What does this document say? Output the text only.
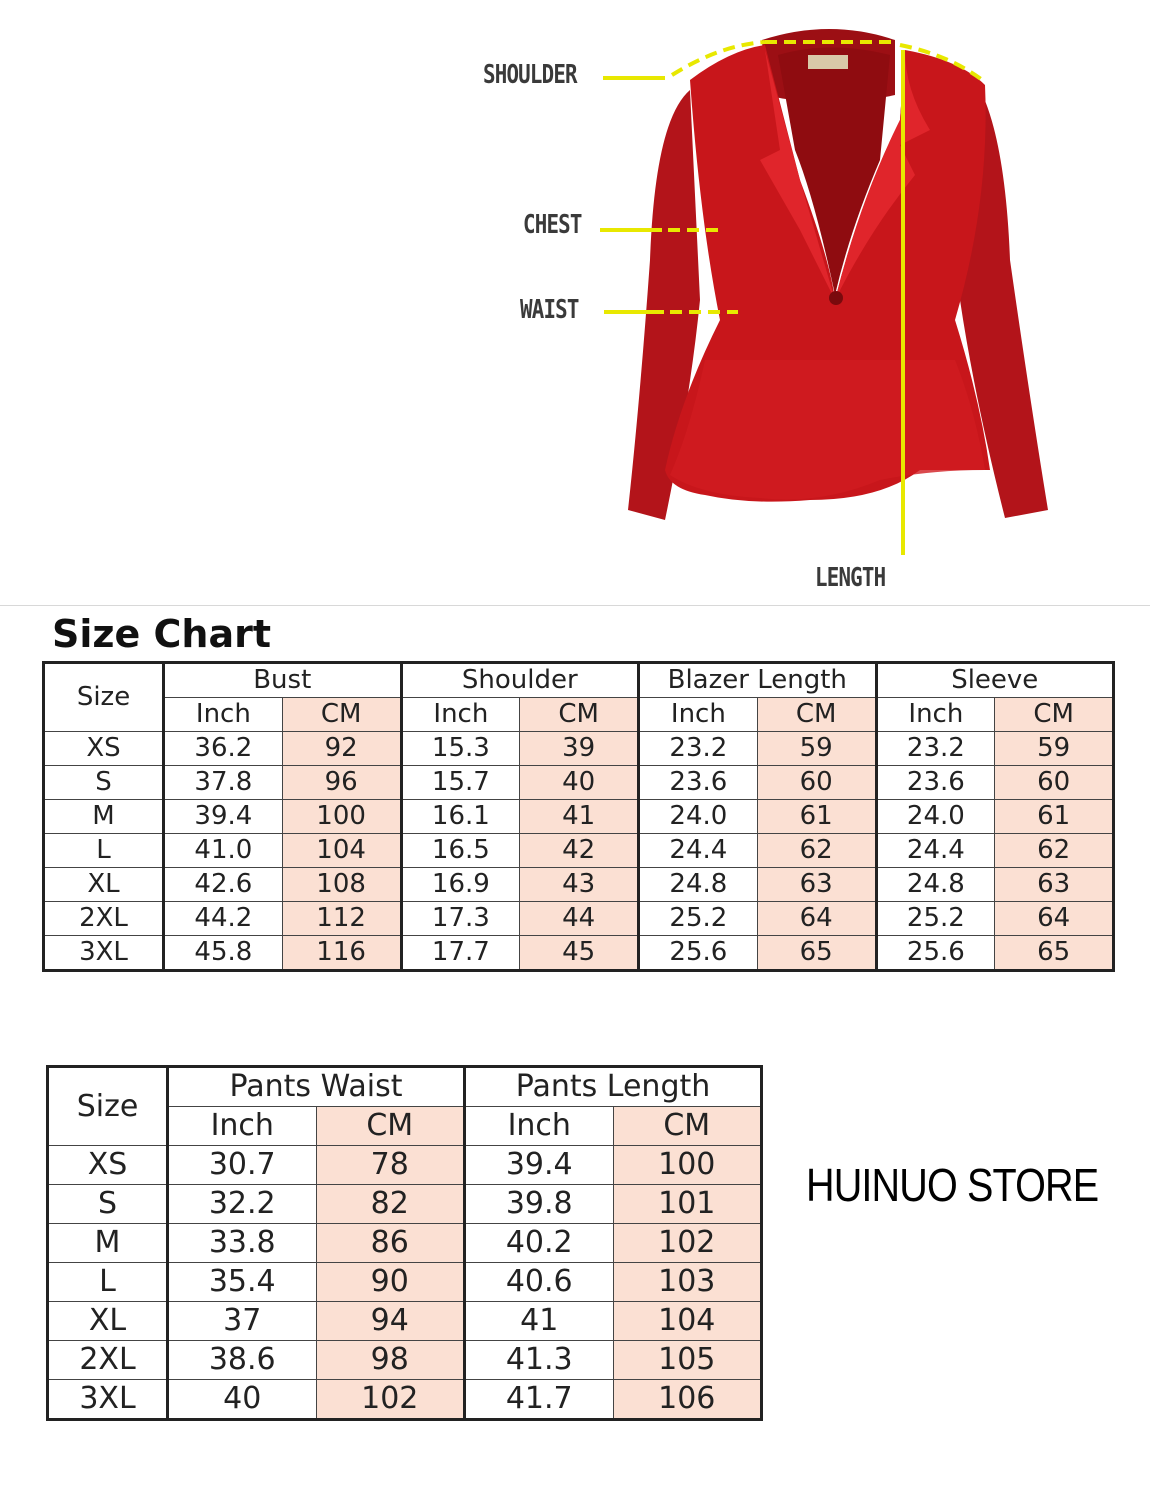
SHOULDER
CHEST
WAIST
LENGTH
Size Chart
Size	Bust		Shoulder		Blazer Length		Sleeve	
	Inch	CM	Inch	CM	Inch	CM	Inch	CM
XS	36.2	92	15.3	39	23.2	59	23.2	59
S	37.8	96	15.7	40	23.6	60	23.6	60
M	39.4	100	16.1	41	24.0	61	24.0	61
L	41.0	104	16.5	42	24.4	62	24.4	62
XL	42.6	108	16.9	43	24.8	63	24.8	63
2XL	44.2	112	17.3	44	25.2	64	25.2	64
3XL	45.8	116	17.7	45	25.6	65	25.6	65
Size	Pants Waist		Pants Length	
	Inch	CM	Inch	CM
XS	30.7	78	39.4	100
S	32.2	82	39.8	101
M	33.8	86	40.2	102
L	35.4	90	40.6	103
XL	37	94	41	104
2XL	38.6	98	41.3	105
3XL	40	102	41.7	106
HUINUO STORE
